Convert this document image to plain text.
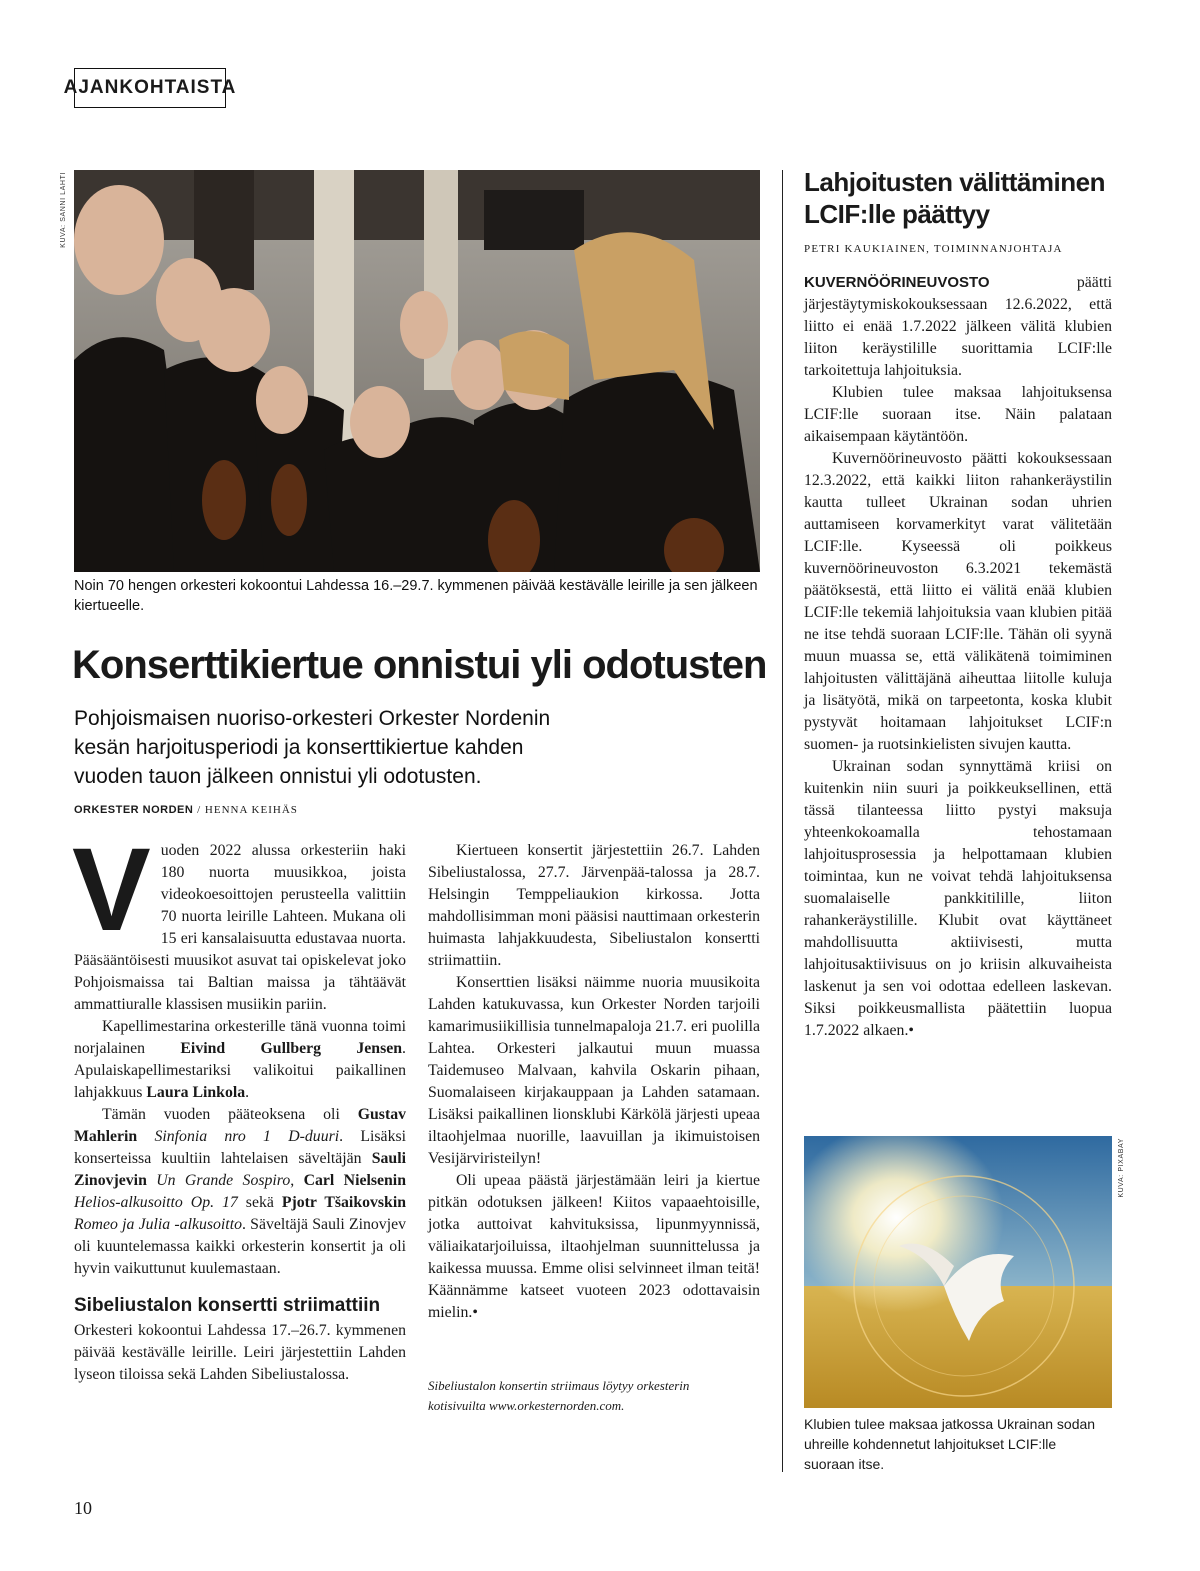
AJANKOHTAISTA
KUVA: SANNI LAHTI
Noin 70 hengen orkesteri kokoontui Lahdessa 16.–29.7. kymmenen päivää kestävälle leirille ja sen jälkeen kiertueelle.
Konserttikiertue onnistui yli odotusten
Pohjoismaisen nuoriso-orkesteri Orkester Nordenin kesän harjoitusperiodi ja konserttikiertue kahden vuoden tauon jälkeen onnistui yli odotusten.
ORKESTER NORDEN / HENNA KEIHÄS

Vuoden 2022 alussa orkesteriin haki 180 nuorta muusikkoa, joista videokoesoittojen perusteella valittiin 70 nuorta leirille Lahteen. Mukana oli 15 eri kansalaisuutta edustavaa nuorta. Pääsääntöisesti muusikot asuvat tai opiskelevat joko Pohjoismaissa tai Baltian maissa ja tähtäävät ammattiuralle klassisen musiikin pariin.

Kapellimestarina orkesterille tänä vuonna toimi norjalainen Eivind Gullberg Jensen. Apulaiskapellimestariksi valikoitui paikallinen lahjakkuus Laura Linkola.

Tämän vuoden pääteoksena oli Gustav Mahlerin Sinfonia nro 1 D-duuri. Lisäksi konserteissa kuultiin lahtelaisen säveltäjän Sauli Zinovjevin Un Grande Sospiro, Carl Nielsenin Helios-alkusoitto Op. 17 sekä Pjotr Tšaikovskin Romeo ja Julia -alkusoitto. Säveltäjä Sauli Zinovjev oli kuuntelemassa kaikki orkesterin konsertit ja oli hyvin vaikuttunut kuulemastaan.

Sibeliustalon konsertti striimattiin

Orkesteri kokoontui Lahdessa 17.–26.7. kymmenen päivää kestävälle leirille. Leiri järjestettiin Lahden lyseon tiloissa sekä Lahden Sibeliustalossa.

Kiertueen konsertit järjestettiin 26.7. Lahden Sibeliustalossa, 27.7. Järvenpää-talossa ja 28.7. Helsingin Temppeliaukion kirkossa. Jotta mahdollisimman moni pääsisi nauttimaan orkesterin huimasta lahjakkuudesta, Sibeliustalon konsertti striimattiin.

Konserttien lisäksi näimme nuoria muusikoita Lahden katukuvassa, kun Orkester Norden tarjoili kamarimusiikillisia tunnelmapaloja 21.7. eri puolilla Lahtea. Orkesteri jalkautui muun muassa Taidemuseo Malvaan, kahvila Oskarin pihaan, Suomalaiseen kirjakauppaan ja Lahden satamaan. Lisäksi paikallinen lionsklubi Kärkölä järjesti upeaa iltaohjelmaa nuorille, laavuillan ja ikimuistoisen Vesijärviristeilyn!

Oli upeaa päästä järjestämään leiri ja kiertue pitkän odotuksen jälkeen! Kiitos vapaaehtoisille, jotka auttoivat kahvituksissa, lipunmyynnissä, väliaikatarjoiluissa, iltaohjelman suunnittelussa ja kaikessa muussa. Emme olisi selvinneet ilman teitä! Käännämme katseet vuoteen 2023 odottavaisin mielin.•

Sibeliustalon konsertin striimaus löytyy orkesterin kotisivuilta www.orkesternorden.com.
Lahjoitusten välittäminen LCIF:lle päättyy
PETRI KAUKIAINEN, TOIMINNANJOHTAJA

KUVERNÖÖRINEUVOSTO päätti järjestäytymiskokouksessaan 12.6.2022, että liitto ei enää 1.7.2022 jälkeen välitä klubien liiton keräystilille suorittamia LCIF:lle tarkoitettuja lahjoituksia.

Klubien tulee maksaa lahjoituksensa LCIF:lle suoraan itse. Näin palataan aikaisempaan käytäntöön.

Kuvernöörineuvosto päätti kokouksessaan 12.3.2022, että kaikki liiton rahankeräystilin kautta tulleet Ukrainan sodan uhrien auttamiseen korvamerkityt varat välitetään LCIF:lle. Kyseessä oli poikkeus kuvernöörineuvoston 6.3.2021 tekemästä päätöksestä, että liitto ei välitä enää klubien LCIF:lle tekemiä lahjoituksia vaan klubien pitää ne itse tehdä suoraan LCIF:lle. Tähän oli syynä muun muassa se, että välikätenä toimiminen lahjoitusten välittäjänä aiheuttaa liitolle kuluja ja lisätyötä, mikä on tarpeetonta, koska klubit pystyvät hoitamaan lahjoitukset LCIF:n suomen- ja ruotsinkielisten sivujen kautta.

Ukrainan sodan synnyttämä kriisi on kuitenkin niin suuri ja poikkeuksellinen, että tässä tilanteessa liitto pystyi maksuja yhteenkokoamalla tehostamaan lahjoitusprosessia ja helpottamaan klubien toimintaa, kun ne voivat tehdä lahjoituksensa suomalaiselle pankkitilille, liiton rahankeräystilille. Klubit ovat käyttäneet mahdollisuutta aktiivisesti, mutta lahjoitusaktiivisuus on jo kriisin alkuvaiheista laskenut ja sen voi odottaa edelleen laskevan. Siksi poikkeusmallista päätettiin luopua 1.7.2022 alkaen.•

KUVA: PIXABAY
Klubien tulee maksaa jatkossa Ukrainan sodan uhreille kohdennetut lahjoitukset LCIF:lle suoraan itse.
10
